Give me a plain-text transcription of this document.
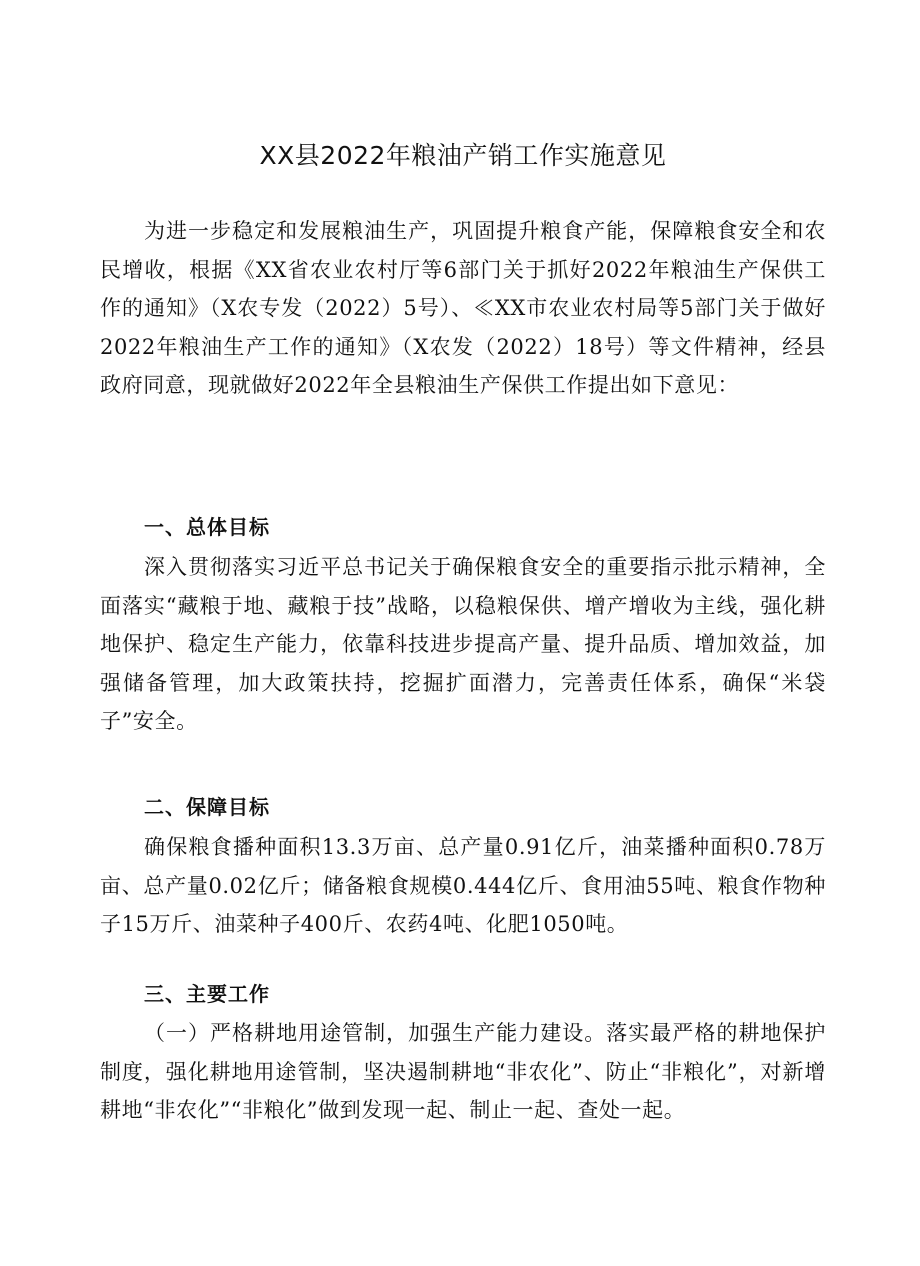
XX县2022年粮油产销工作实施意见

为进一步稳定和发展粮油生产，巩固提升粮食产能，保障粮食安全和农民增收，根据《XX省农业农村厅等6部门关于抓好2022年粮油生产保供工作的通知》（X农专发（2022）5号）、≪XX市农业农村局等5部门关于做好2022年粮油生产工作的通知》（X农发（2022）18号）等文件精神，经县政府同意，现就做好2022年全县粮油生产保供工作提出如下意见：

一、总体目标

深入贯彻落实习近平总书记关于确保粮食安全的重要指示批示精神，全面落实“藏粮于地、藏粮于技”战略，以稳粮保供、增产增收为主线，强化耕地保护、稳定生产能力，依靠科技进步提高产量、提升品质、增加效益，加强储备管理，加大政策扶持，挖掘扩面潜力，完善责任体系，确保“米袋子”安全。

二、保障目标

确保粮食播种面积13.3万亩、总产量0.91亿斤，油菜播种面积0.78万亩、总产量0.02亿斤；储备粮食规模0.444亿斤、食用油55吨、粮食作物种子15万斤、油菜种子400斤、农药4吨、化肥1050吨。

三、主要工作

（一）严格耕地用途管制，加强生产能力建设。落实最严格的耕地保护制度，强化耕地用途管制，坚决遏制耕地“非农化”、防止“非粮化”，对新增耕地“非农化”“非粮化”做到发现一起、制止一起、查处一起。
